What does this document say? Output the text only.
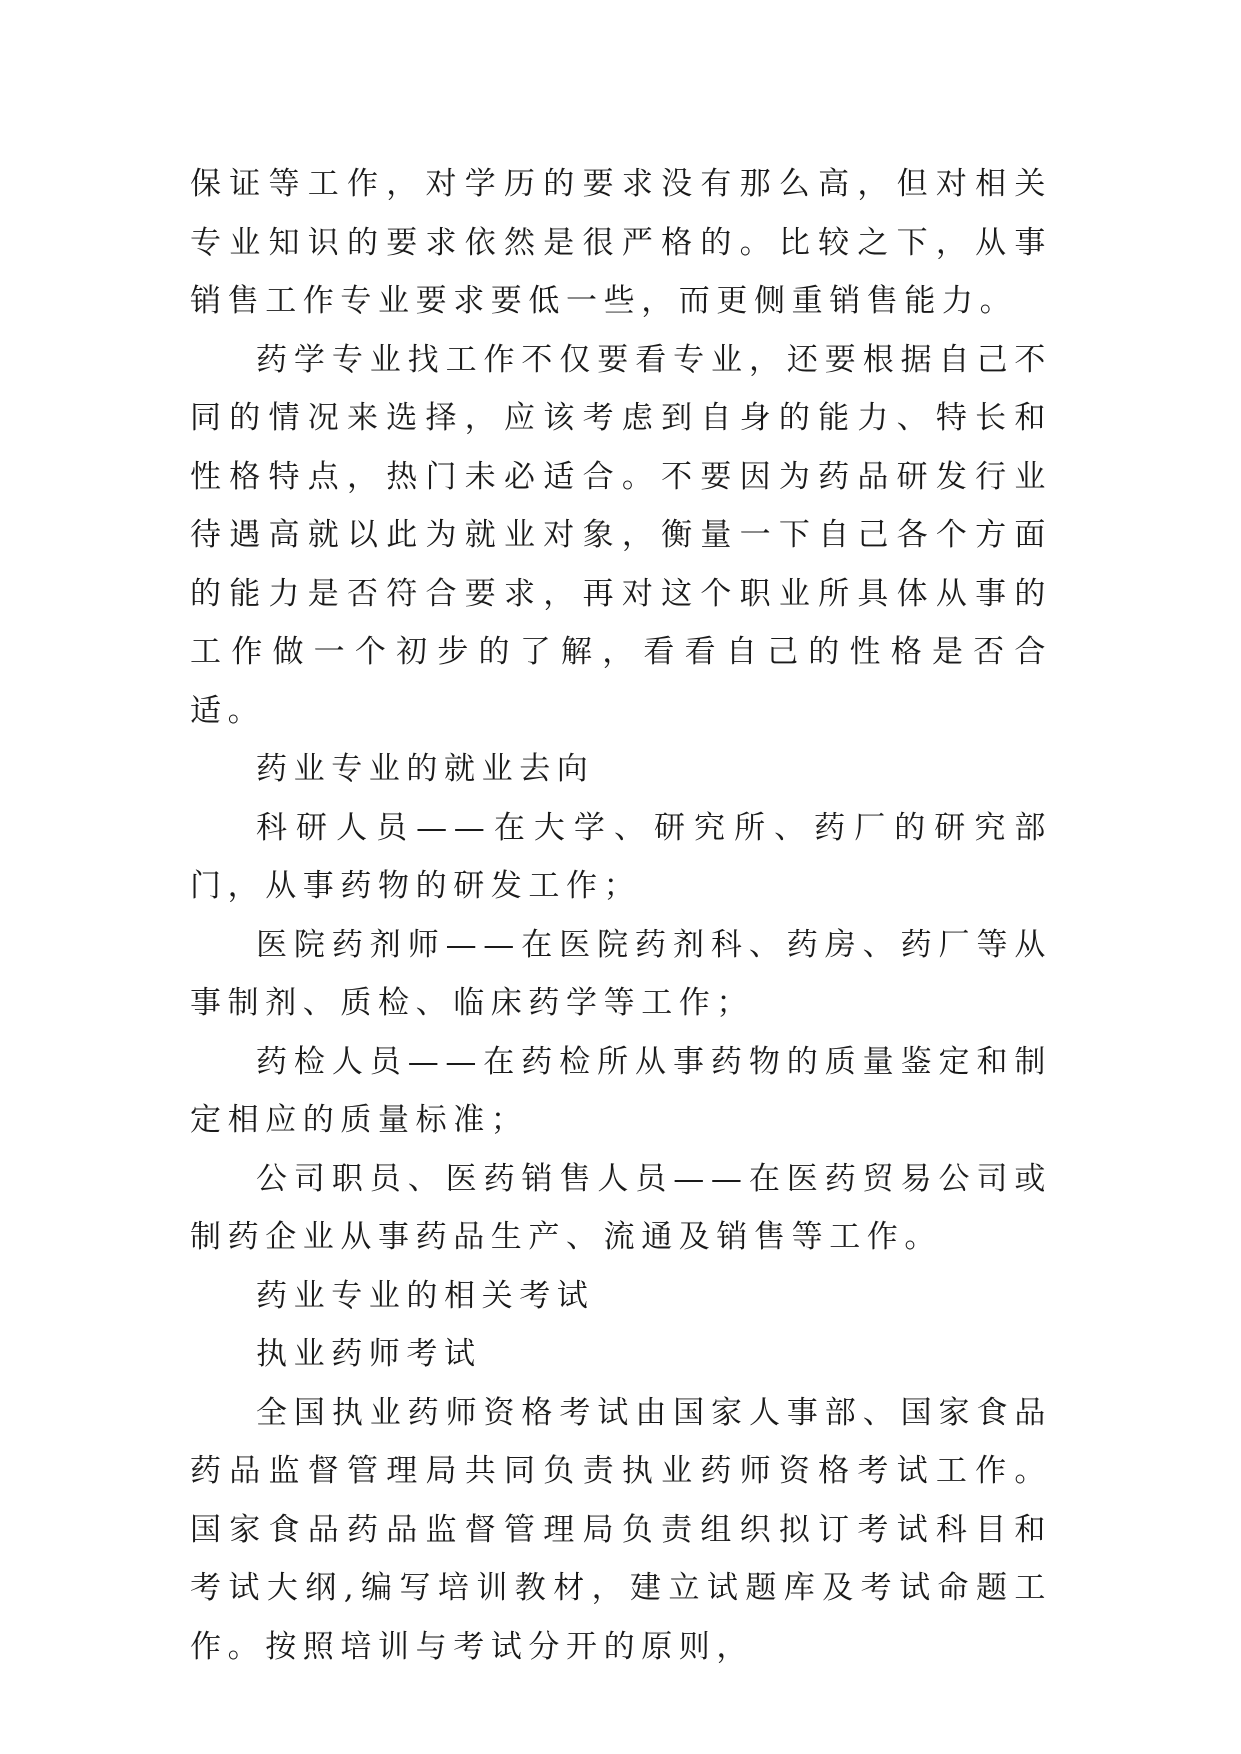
保证等工作，对学历的要求没有那么高，但对相关专业知识的要求依然是很严格的。比较之下，从事销售工作专业要求要低一些，而更侧重销售能力。

药学专业找工作不仅要看专业，还要根据自己不同的情况来选择，应该考虑到自身的能力、特长和性格特点，热门未必适合。不要因为药品研发行业待遇高就以此为就业对象，衡量一下自己各个方面的能力是否符合要求，再对这个职业所具体从事的工作做一个初步的了解，看看自己的性格是否合适。

药业专业的就业去向

科研人员——在大学、研究所、药厂的研究部门，从事药物的研发工作；

医院药剂师——在医院药剂科、药房、药厂等从事制剂、质检、临床药学等工作；

药检人员——在药检所从事药物的质量鉴定和制定相应的质量标准；

公司职员、医药销售人员——在医药贸易公司或制药企业从事药品生产、流通及销售等工作。

药业专业的相关考试

执业药师考试

全国执业药师资格考试由国家人事部、国家食品药品监督管理局共同负责执业药师资格考试工作。国家食品药品监督管理局负责组织拟订考试科目和考试大纲,编写培训教材，建立试题库及考试命题工作。按照培训与考试分开的原则，
